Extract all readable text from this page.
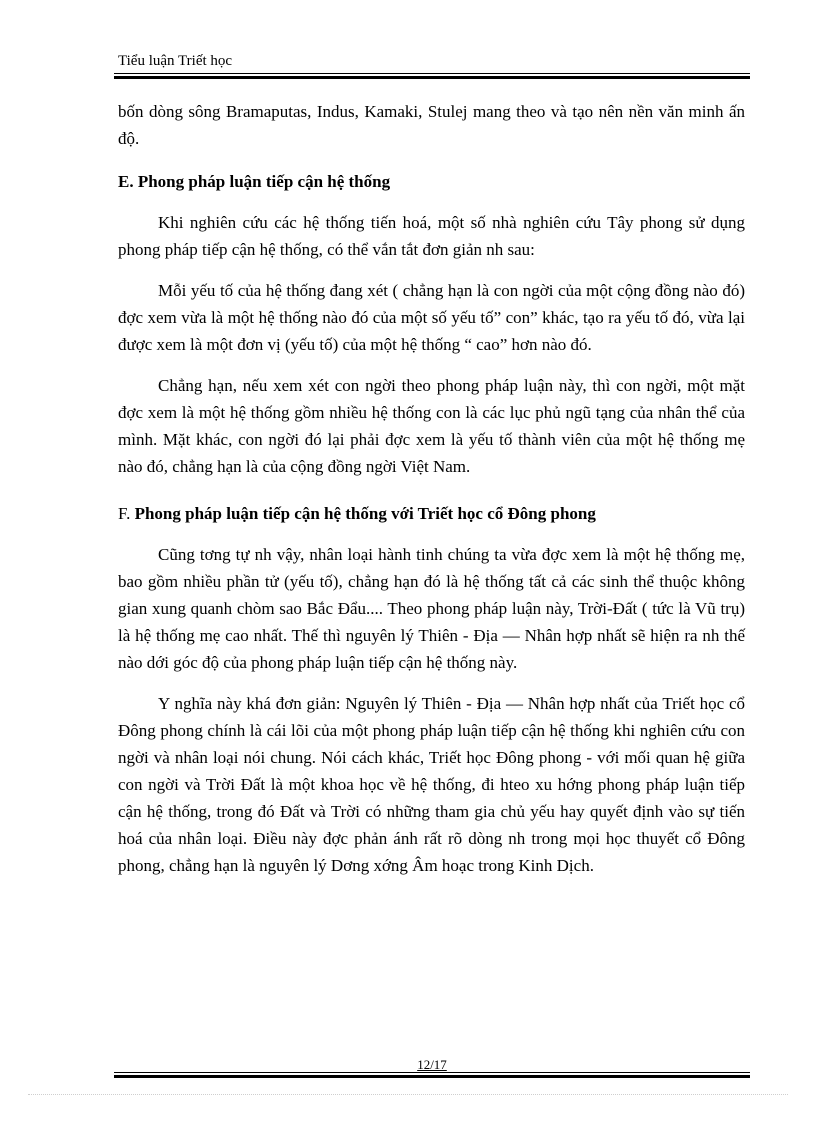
Tiểu luận Triết học

bốn dòng sông Bramaputas, Indus, Kamaki, Stulej mang theo và tạo nên nền văn minh ấn độ.

E. Phong pháp luận tiếp cận hệ thống

Khi nghiên cứu các hệ thống tiến hoá, một số nhà nghiên cứu Tây phong sử dụng phong pháp tiếp cận hệ thống, có thể vắn tắt đơn giản nh sau:

Mỗi yếu tố của hệ thống đang xét ( chẳng hạn là con ngời của một cộng đồng nào đó) đợc xem vừa là một hệ thống nào đó của một số yếu tố” con” khác, tạo ra yếu tố đó, vừa lại được xem là một đơn vị (yếu tố) của một hệ thống “ cao” hơn nào đó.

Chẳng hạn, nếu xem xét con ngời theo phong pháp luận này, thì con ngời, một mặt đợc xem là một hệ thống gồm nhiều hệ thống con là các lục phủ ngũ tạng của nhân thể của mình. Mặt khác, con ngời đó lại phải đợc xem là yếu tố thành viên của một hệ thống mẹ nào đó, chẳng hạn là của cộng đồng ngời Việt Nam.

F. Phong pháp luận tiếp cận hệ thống với Triết học cổ Đông phong

Cũng tơng tự nh vậy, nhân loại hành tinh chúng ta vừa đợc xem là một hệ thống mẹ, bao gồm nhiều phần tử (yếu tố), chẳng hạn đó là hệ thống tất cả các sinh thể thuộc không gian xung quanh chòm sao Bắc Đẩu.... Theo phong pháp luận này, Trời-Đất ( tức là Vũ trụ) là hệ thống mẹ cao nhất. Thế thì nguyên lý Thiên - Địa — Nhân hợp nhất sẽ hiện ra nh thế nào dới góc độ của phong pháp luận tiếp cận hệ thống này.

Y nghĩa này khá đơn giản: Nguyên lý Thiên - Địa — Nhân hợp nhất của Triết học cổ Đông phong chính là cái lõi của một phong pháp luận tiếp cận hệ thống khi nghiên cứu con ngời và nhân loại nói chung. Nói cách khác, Triết học Đông phong - với mối quan hệ giữa con ngời và Trời Đất là một khoa học về hệ thống, đi hteo xu hớng phong pháp luận tiếp cận hệ thống, trong đó Đất và Trời có những tham gia chủ yếu hay quyết định vào sự tiến hoá của nhân loại. Điều này đợc phản ánh rất rõ dòng nh trong mọi học thuyết cổ Đông phong, chẳng hạn là nguyên lý Dơng xớng Âm hoạc trong Kinh Dịch.

12/17
